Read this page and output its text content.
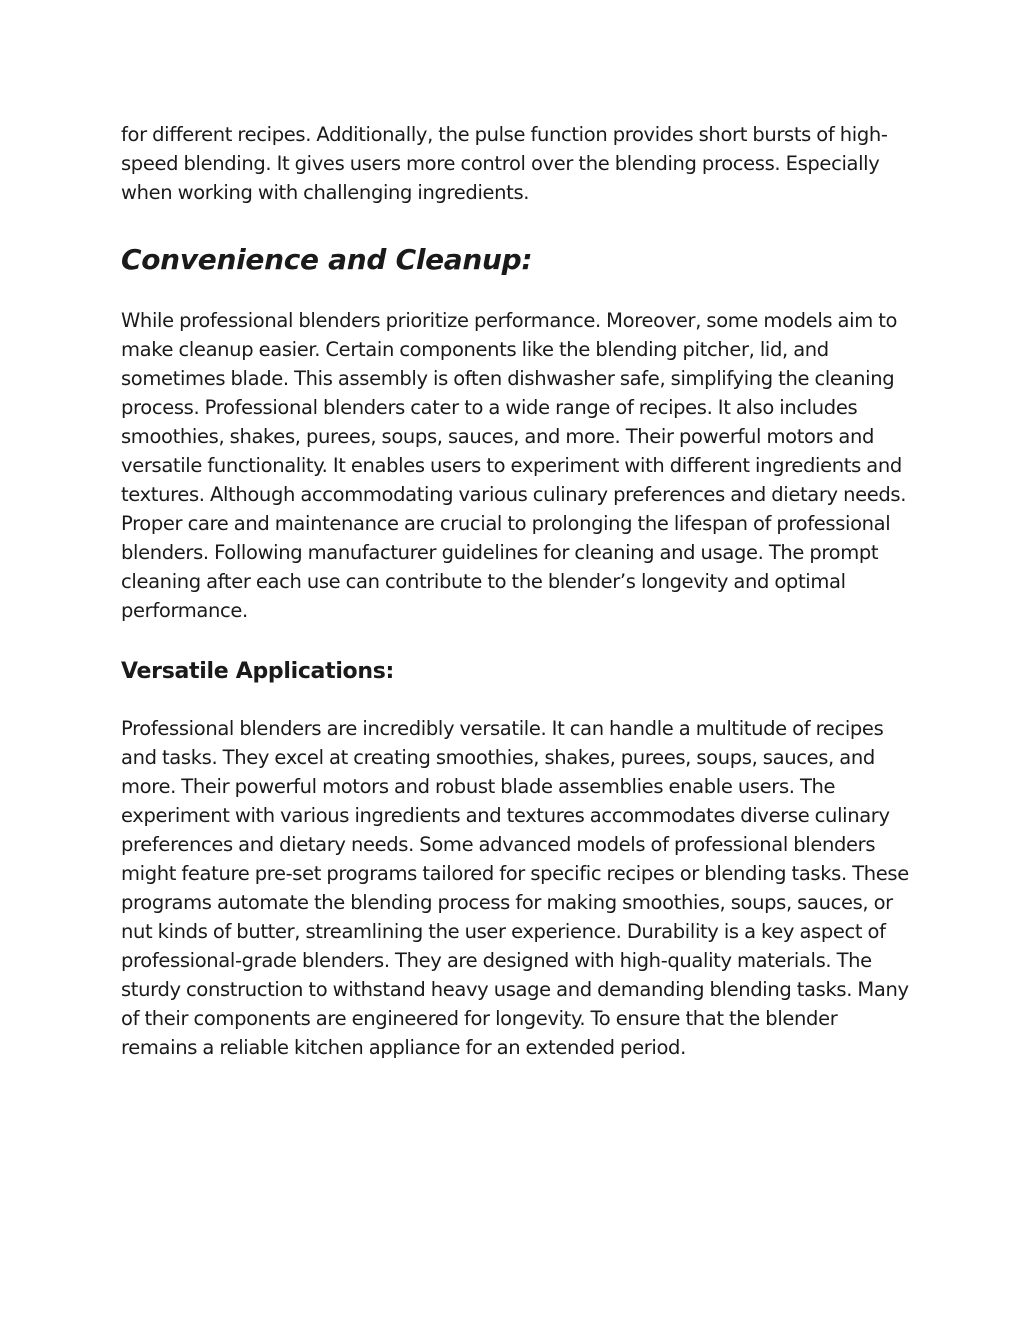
for different recipes. Additionally, the pulse function provides short bursts of high-speed blending. It gives users more control over the blending process. Especially when working with challenging ingredients.

Convenience and Cleanup:

While professional blenders prioritize performance. Moreover, some models aim to make cleanup easier. Certain components like the blending pitcher, lid, and sometimes blade. This assembly is often dishwasher safe, simplifying the cleaning process. Professional blenders cater to a wide range of recipes. It also includes smoothies, shakes, purees, soups, sauces, and more. Their powerful motors and versatile functionality. It enables users to experiment with different ingredients and textures. Although accommodating various culinary preferences and dietary needs. Proper care and maintenance are crucial to prolonging the lifespan of professional blenders. Following manufacturer guidelines for cleaning and usage. The prompt cleaning after each use can contribute to the blender’s longevity and optimal performance.

Versatile Applications:

Professional blenders are incredibly versatile. It can handle a multitude of recipes and tasks. They excel at creating smoothies, shakes, purees, soups, sauces, and more. Their powerful motors and robust blade assemblies enable users. The experiment with various ingredients and textures accommodates diverse culinary preferences and dietary needs. Some advanced models of professional blenders might feature pre-set programs tailored for specific recipes or blending tasks. These programs automate the blending process for making smoothies, soups, sauces, or nut kinds of butter, streamlining the user experience. Durability is a key aspect of professional-grade blenders. They are designed with high-quality materials. The sturdy construction to withstand heavy usage and demanding blending tasks. Many of their components are engineered for longevity. To ensure that the blender remains a reliable kitchen appliance for an extended period.
